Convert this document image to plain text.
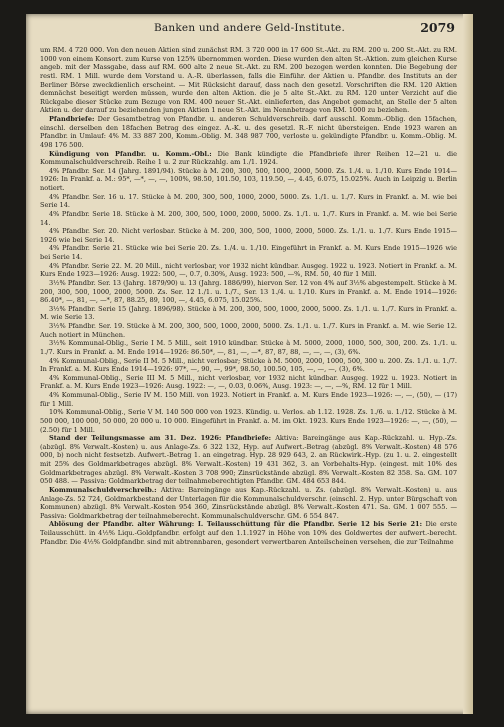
Banken und andere Geld-Institute.	2079

um RM. 4 720 000. Von den neuen Aktien sind zunächst RM. 3 720 000 in 17 600 St.-Akt. zu RM. 200 u. 200 St.-Akt. zu RM. 1000 von einem Konsort. zum Kurse von 125% übernommen worden. Diese wurden den alten St.-Aktion. zum gleichen Kurse angeb. mit der Massgabe, dass auf RM. 600 alte 2 neue St.-Akt. zu RM. 200 bezogen werden konnten. Die Begebung der restl. RM. 1 Mill. wurde dem Vorstand u. A.-R. überlassen, falls die Einführ. der Aktien u. Pfandbr. des Instituts an der Berliner Börse zweckdienlich erscheint. — Mit Rücksicht darauf, dass nach den gesetzl. Vorschriften die RM. 120 Aktien demnächst beseitigt werden müssen, wurde den alten Aktion. die je 5 alte St.-Akt. zu RM. 120 unter Verzicht auf die Rückgabe dieser Stücke zum Bezuge von RM. 400 neuer St.-Akt. einlieferten, das Angebot gemacht, an Stelle der 5 alten Aktien u. der darauf zu beziehenden jungen Aktien 1 neue St.-Akt. im Nennbetrage von RM. 1000 zu beziehen.

Pfandbriefe: Der Gesamtbetrag von Pfandbr. u. anderen Schuldverschreib. darf ausschl. Komm.-Oblig. den 15fachen, einschl. derselben den 18fachen Betrag des eingez. A.-K. u. des gesetzl. R.-F. nicht übersteigen. Ende 1923 waren an Pfandbr. in Umlauf: 4% M. 33 887 200, Komm.-Oblig. M. 348 987 700, verloste u. gekündigte Pfandbr. u. Komm.-Oblig. M. 498 176 500.

Kündigung von Pfandbr. u. Komm.-Obl.: Die Bank kündigte die Pfandbriefe ihrer Reihen 12—21 u. die Kommunalschuldverschreib. Reihe 1 u. 2 zur Rückzahlg. am 1./1. 1924.

4% Pfandbr. Ser. 14 (Jahrg. 1891/94). Stücke à M. 200, 300, 500, 1000, 2000, 5000. Zs. 1./4. u. 1./10. Kurs Ende 1914—1926: In Frankf. a. M.: 95*, —*, —, —, 100%, 98.50, 101.50, 103, 119.50, —, 4.45, 6.075, 15.025%. Auch in Leipzig u. Berlin notiert.

4% Pfandbr. Ser. 16 u. 17. Stücke à M. 200, 300, 500, 1000, 2000, 5000. Zs. 1./1. u. 1./7. Kurs in Frankf. a. M. wie bei Serie 14.

4% Pfandbr. Serie 18. Stücke à M. 200, 300, 500, 1000, 2000, 5000. Zs. 1./1. u. 1./7. Kurs in Frankf. a. M. wie bei Serie 14.

4% Pfandbr. Ser. 20. Nicht verlosbar. Stücke à M. 200, 300, 500, 1000, 2000, 5000. Zs. 1./1. u. 1./7. Kurs Ende 1915—1926 wie bei Serie 14.

4% Pfandbr. Serie 21. Stücke wie bei Serie 20. Zs. 1./4. u. 1./10. Eingeführt in Frankf. a. M. Kurs Ende 1915—1926 wie bei Serie 14.

4% Pfandbr. Serie 22. M. 20 Mill., nicht verlosbar, vor 1932 nicht kündbar. Ausgeg. 1922 u. 1923. Notiert in Frankf. a. M. Kurs Ende 1923—1926: Ausg. 1922: 500, —, 0.7, 0.30%, Ausg. 1923: 500, —%, RM. 50, 40 für 1 Mill.

3½% Pfandbr. Ser. 13 (Jahrg. 1879/90) u. 13 (Jahrg. 1886/99), hiervon Ser. 12 von 4% auf 3½% abgestempelt. Stücke à M. 200, 300, 500, 1000, 2000, 5000. Zs. Ser. 12 1./1. u. 1./7., Ser. 13 1./4. u. 1./10. Kurs in Frankf. a. M. Ende 1914—1926: 86.40*, —, 81, —, —*, 87, 88.25, 89, 100, —, 4.45, 6.075, 15.025%.

3½% Pfandbr. Serie 15 (Jahrg. 1896/98). Stücke à M. 200, 300, 500, 1000, 2000, 5000. Zs. 1./1. u. 1./7. Kurs in Frankf. a. M. wie Serie 13.

3½% Pfandbr. Ser. 19. Stücke à M. 200, 300, 500, 1000, 2000, 5000. Zs. 1./1. u. 1./7. Kurs in Frankf. a. M. wie Serie 12. Auch notiert in München.

3½% Kommunal-Oblig., Serie I M. 5 Mill., seit 1910 kündbar. Stücke à M. 5000, 2000, 1000, 500, 300, 200. Zs. 1./1. u. 1./7. Kurs in Frankf. a. M. Ende 1914—1926: 86.50*, —, 81, —, —*, 87, 87, 88, —, —, —, (3), 6%.

4% Kommunal-Oblig., Serie II M. 5 Mill., nicht verlosbar; Stücke à M. 5000, 2000, 1000, 500, 300 u. 200. Zs. 1./1. u. 1./7. In Frankf. a. M. Kurs Ende 1914—1926: 97*, —, 90, —, 99*, 98.50, 100.50, 105, —, —, —, (3), 6%.

4% Kommunal-Oblig., Serie III M. 5 Mill., nicht verlosbar, vor 1932 nicht kündbar. Ausgeg. 1922 u. 1923. Notiert in Frankf. a. M. Kurs Ende 1923—1926: Ausg. 1922: —, —, 0.03, 0.06%, Ausg. 1923: —, —, —%, RM. 12 für 1 Mill.

4% Kommunal-Oblig., Serie IV M. 150 Mill. von 1923. Notiert in Frankf. a. M. Kurs Ende 1923—1926: —, —, (50), — (17) für 1 Mill.

10% Kommunal-Oblig., Serie V M. 140 500 000 von 1923. Kündig. u. Verlos. ab 1.12. 1928. Zs. 1./6. u. 1./12. Stücke à M. 500 000, 100 000, 50 000, 20 000 u. 10 000. Eingeführt in Frankf. a. M. im Okt. 1923. Kurs Ende 1923—1926: —, —, (50), — (2.50) für 1 Mill.

Stand der Teilungsmasse am 31. Dez. 1926: Pfandbriefe: Aktiva: Bareingänge aus Kap.-Rückzahl. u. Hyp.-Zs. (abzügl. 8% Verwalt.-Kosten) u. aus Anlage-Zs. 6 322 132, Hyp. auf Aufwert.-Betrag (abzügl. 8% Verwalt.-Kosten) 48 576 000, b) noch nicht festsetzb. Aufwert.-Betrag 1. an eingetrag. Hyp. 28 929 643, 2. an Rückwirk.-Hyp. (zu 1. u. 2. eingestellt mit 25% des Goldmarkbetrages abzügl. 8% Verwalt.-Kosten) 19 431 362, 3. an Vorbehalts-Hyp. (eingest. mit 10% des Goldmarkbetrages abzügl. 8% Verwalt.-Kosten 3 708 990; Zinsrückstände abzügl. 8% Verwalt.-Kosten 82 358. Sa. GM. 107 050 488. — Passiva: Goldmarkbetrag der teilnahmeberechtigten Pfandbr. GM. 484 653 844.

Kommunalschuldverschreib.: Aktiva: Bareingänge aus Kap.-Rückzahl. u. Zs. (abzügl. 8% Verwalt.-Kosten) u. aus Anlage-Zs. 52 724, Goldmarkbestand der Unterlagen für die Kommunalschuldverschr. (einschl. 2. Hyp. unter Bürgschaft von Kommunen) abzügl. 8% Verwalt.-Kosten 954 360, Zinsrückstände abzügl. 8% Verwalt.-Kosten 471. Sa. GM. 1 007 555. — Passiva: Goldmarkbetrag der teilnahmeberecht. Kommunalschuldverschr. GM. 6 554 847.

Ablösung der Pfandbr. alter Währung: I. Teilausschüttung für die Pfandbr. Serie 12 bis Serie 21: Die erste Teilausschütt. in 4½% Liqu.-Goldpfandbr. erfolgt auf den 1.1.1927 in Höhe von 10% des Goldwertes der aufwert.-berecht. Pfandbr. Die 4½% Goldpfandbr. sind mit abtrennbaren, gesondert verwertbaren Anteilscheinen versehen, die zur Teilnahme
